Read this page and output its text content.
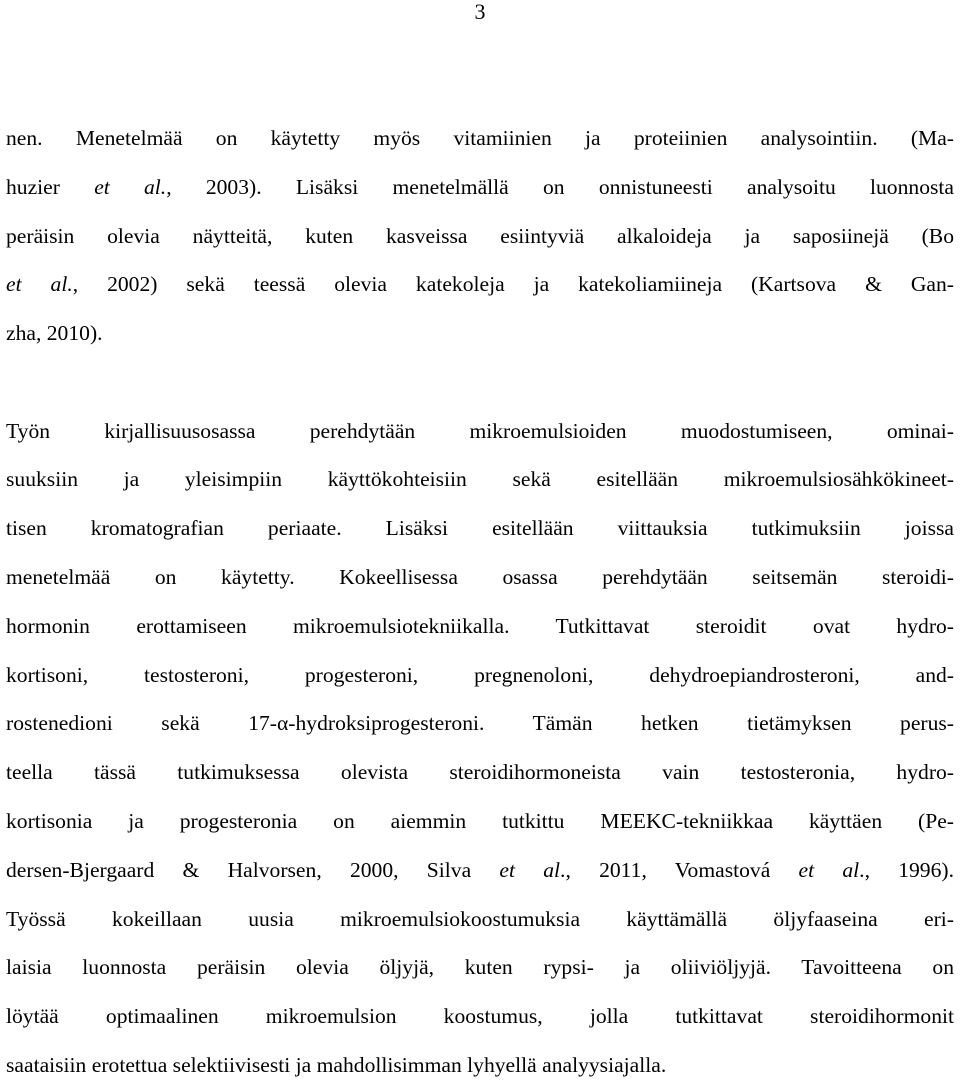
3
nen. Menetelmää on käytetty myös vitamiinien ja proteiinien analysointiin. (Ma-
huzier et al., 2003). Lisäksi menetelmällä on onnistuneesti analysoitu luonnosta
peräisin olevia näytteitä, kuten kasveissa esiintyviä alkaloideja ja saposiinejä (Bo
et al., 2002) sekä teessä olevia katekoleja ja katekoliamiineja (Kartsova & Gan-
zha, 2010).
Työn kirjallisuusosassa perehdytään mikroemulsioiden muodostumiseen, ominai-
suuksiin ja yleisimpiin käyttökohteisiin sekä esitellään mikroemulsiosähkökineet-
tisen kromatografian periaate. Lisäksi esitellään viittauksia tutkimuksiin joissa
menetelmää on käytetty. Kokeellisessa osassa perehdytään seitsemän steroidi-
hormonin erottamiseen mikroemulsiotekniikalla. Tutkittavat steroidit ovat hydro-
kortisoni, testosteroni, progesteroni, pregnenoloni, dehydroepiandrosteroni, and-
rostenedioni sekä 17-α-hydroksiprogesteroni. Tämän hetken tietämyksen perus-
teella tässä tutkimuksessa olevista steroidihormoneista vain testosteronia, hydro-
kortisonia ja progesteronia on aiemmin tutkittu MEEKC-tekniikkaa käyttäen (Pe-
dersen-Bjergaard & Halvorsen, 2000, Silva et al., 2011, Vomastová et al., 1996).
Työssä kokeillaan uusia mikroemulsiokoostumuksia käyttämällä öljyfaaseina eri-
laisia luonnosta peräisin olevia öljyjä, kuten rypsi- ja oliiviöljyjä. Tavoitteena on
löytää optimaalinen mikroemulsion koostumus, jolla tutkittavat steroidihormonit
saataisiin erotettua selektiivisesti ja mahdollisimman lyhyellä analyysiajalla.
